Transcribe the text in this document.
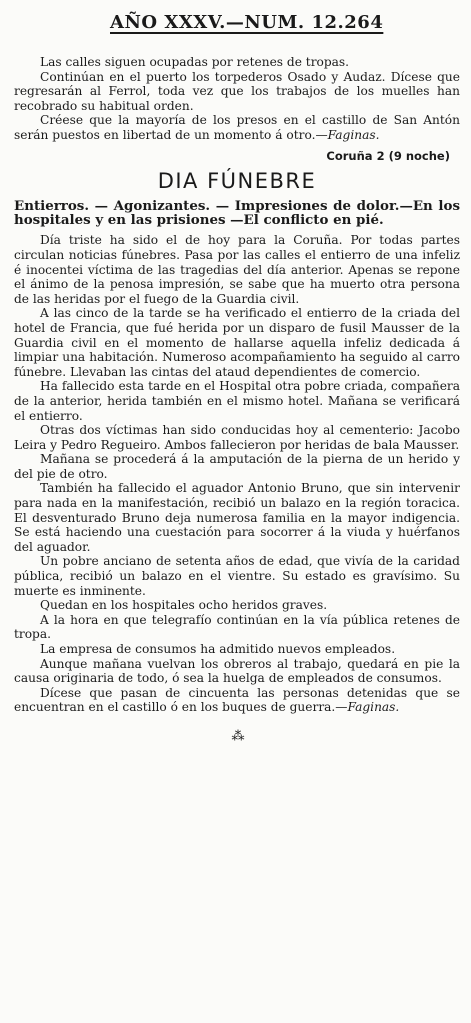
AÑO XXXV.—NUM. 12.264

Las calles siguen ocupadas por retenes de tropas.

Continúan en el puerto los torpederos Osado y Audaz. Dícese que regresarán al Ferrol, toda vez que los trabajos de los muelles han recobrado su habitual orden.

Créese que la mayoría de los presos en el castillo de San Antón serán puestos en libertad de un momento á otro.—Faginas.

Coruña 2 (9 noche)
DIA FÚNEBRE
Entierros. — Agonizantes. — Impresiones de dolor.—En los hospitales y en las prisiones —El conflicto en pié.

Día triste ha sido el de hoy para la Coruña. Por todas partes circulan noticias fúnebres. Pasa por las calles el entierro de una infeliz é inocentei víctima de las tragedias del día anterior. Apenas se repone el ánimo de la penosa impresión, se sabe que ha muerto otra persona de las heridas por el fuego de la Guardia civil.

A las cinco de la tarde se ha verificado el entierro de la criada del hotel de Francia, que fué herida por un disparo de fusil Mausser de la Guardia civil en el momento de hallarse aquella infeliz dedicada á limpiar una habitación. Numeroso acompañamiento ha seguido al carro fúnebre. Llevaban las cintas del ataud dependientes de comercio.

Ha fallecido esta tarde en el Hospital otra pobre criada, compañera de la anterior, herida también en el mismo hotel. Mañana se verificará el entierro.

Otras dos víctimas han sido conducidas hoy al cementerio: Jacobo Leira y Pedro Regueiro. Ambos fallecieron por heridas de bala Mausser.

Mañana se procederá á la amputación de la pierna de un herido y del pie de otro.

También ha fallecido el aguador Antonio Bruno, que sin intervenir para nada en la manifestación, recibió un balazo en la región toracica. El desventurado Bruno deja numerosa familia en la mayor indigencia. Se está haciendo una cuestación para socorrer á la viuda y huérfanos del aguador.

Un pobre anciano de setenta años de edad, que vivía de la caridad pública, recibió un balazo en el vientre. Su estado es gravísimo. Su muerte es inminente.

Quedan en los hospitales ocho heridos graves.

A la hora en que telegrafío continúan en la vía pública retenes de tropa.

La empresa de consumos ha admitido nuevos empleados.

Aunque mañana vuelvan los obreros al trabajo, quedará en pie la causa originaria de todo, ó sea la huelga de empleados de consumos.

Dícese que pasan de cincuenta las personas detenidas que se encuentran en el castillo ó en los buques de guerra.—Faginas.

⁂
